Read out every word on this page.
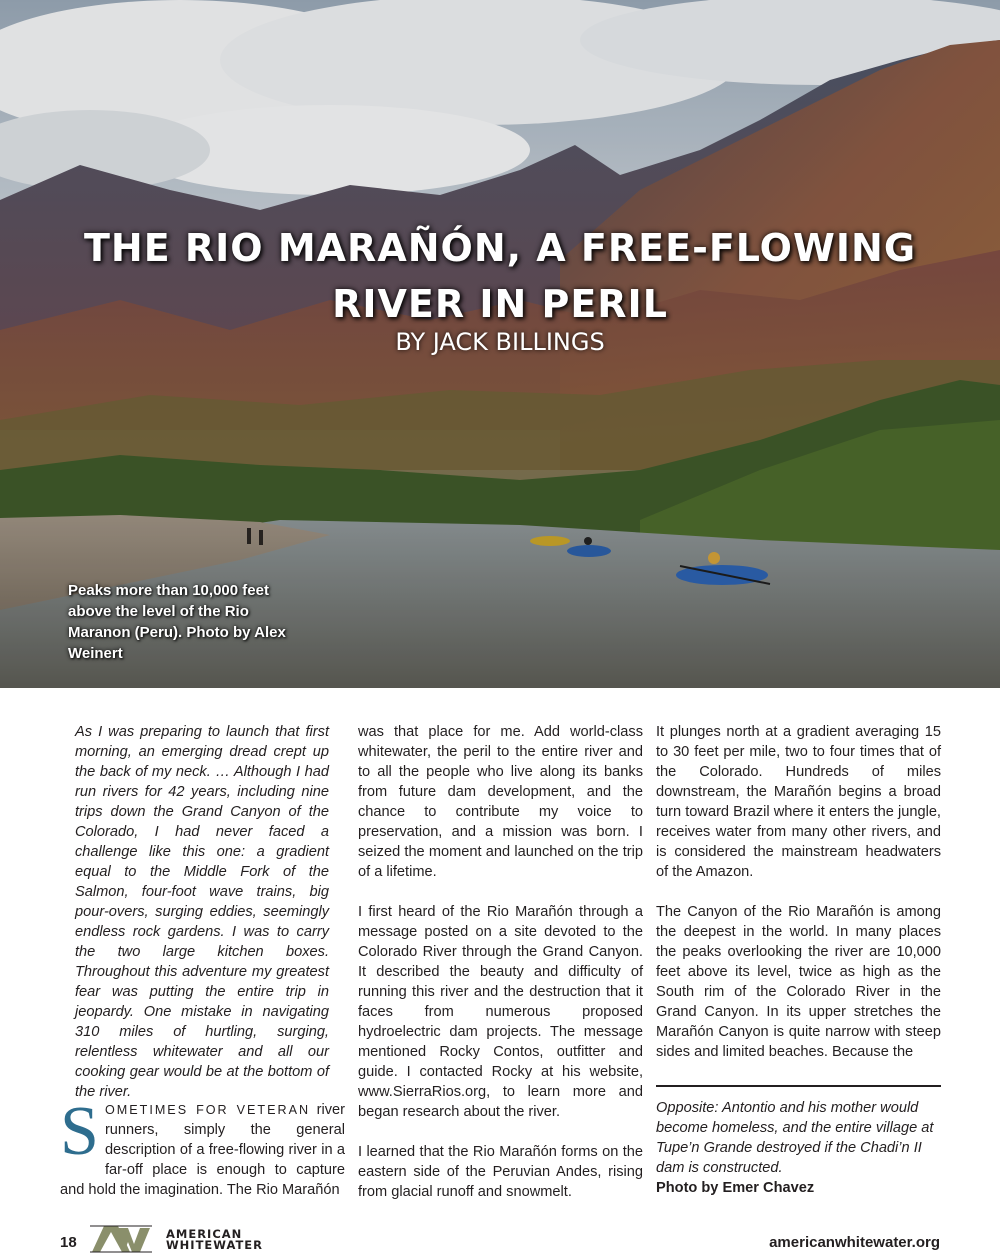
THE RIO MARAÑÓN, A FREE-FLOWING
RIVER IN PERIL
BY JACK BILLINGS
Peaks more than 10,000 feet above the level of the Rio Maranon (Peru). Photo by Alex Weinert

As I was preparing to launch that first morning, an emerging dread crept up the back of my neck. … Although I had run rivers for 42 years, including nine trips down the Grand Canyon of the Colorado, I had never faced a challenge like this one: a gradient equal to the Middle Fork of the Salmon, four-foot wave trains, big pour-overs, surging eddies, seemingly endless rock gardens. I was to carry the two large kitchen boxes. Throughout this adventure my greatest fear was putting the entire trip in jeopardy. One mistake in navigating 310 miles of hurtling, surging, relentless whitewater and all our cooking gear would be at the bottom of the river.

SOMETIMES FOR VETERAN river runners, simply the general description of a free-flowing river in a far-off place is enough to capture and hold the imagination. The Rio Marañón

was that place for me. Add world-class whitewater, the peril to the entire river and to all the people who live along its banks from future dam development, and the chance to contribute my voice to preservation, and a mission was born. I seized the moment and launched on the trip of a lifetime.

I first heard of the Rio Marañón through a message posted on a site devoted to the Colorado River through the Grand Canyon. It described the beauty and difficulty of running this river and the destruction that it faces from numerous proposed hydroelectric dam projects. The message mentioned Rocky Contos, outfitter and guide. I contacted Rocky at his website, www.SierraRios.org, to learn more and began research about the river.

I learned that the Rio Marañón forms on the eastern side of the Peruvian Andes, rising from glacial runoff and snowmelt.

It plunges north at a gradient averaging 15 to 30 feet per mile, two to four times that of the Colorado. Hundreds of miles downstream, the Marañón begins a broad turn toward Brazil where it enters the jungle, receives water from many other rivers, and is considered the mainstream headwaters of the Amazon.

The Canyon of the Rio Marañón is among the deepest in the world. In many places the peaks overlooking the river are 10,000 feet above its level, twice as high as the South rim of the Colorado River in the Grand Canyon. In its upper stretches the Marañón Canyon is quite narrow with steep sides and limited beaches. Because the

Opposite: Antontio and his mother would become homeless, and the entire village at Tupe’n Grande destroyed if the Chadi’n II dam is constructed.
Photo by Emer Chavez
18	AMERICAN
WHITEWATER	americanwhitewater.org
